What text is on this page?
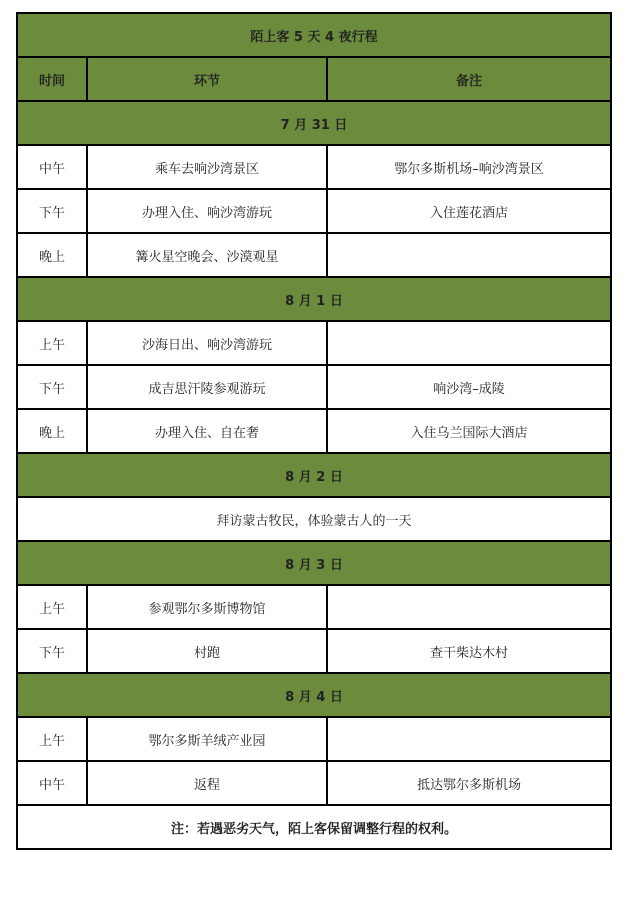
陌上客 5 天 4 夜行程		
时间	环节	备注
7 月 31 日		
中午	乘车去响沙湾景区	鄂尔多斯机场–响沙湾景区
下午	办理入住、响沙湾游玩	入住莲花酒店
晚上	篝火星空晚会、沙漠观星	
8 月 1 日		
上午	沙海日出、响沙湾游玩	
下午	成吉思汗陵参观游玩	响沙湾–成陵
晚上	办理入住、自在奢	入住乌兰国际大酒店
8 月 2 日		
拜访蒙古牧民，体验蒙古人的一天		
8 月 3 日		
上午	参观鄂尔多斯博物馆	
下午	村跑	查干柴达木村
8 月 4 日		
上午	鄂尔多斯羊绒产业园	
中午	返程	抵达鄂尔多斯机场
注：若遇恶劣天气，陌上客保留调整行程的权利。		
